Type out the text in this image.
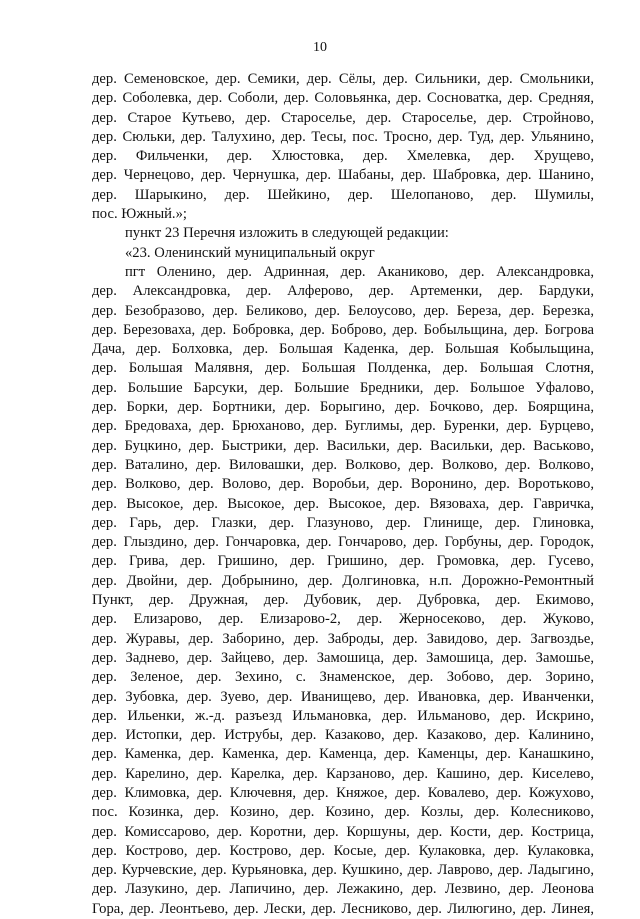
10
дер. Семеновское, дер. Семики, дер. Сёлы, дер. Сильники, дер. Смольники,
дер. Соболевка, дер. Соболи, дер. Соловьянка, дер. Сосноватка, дер. Средняя,
дер. Старое Кутьево, дер. Староселье, дер. Староселье, дер. Стройново,
дер. Сюльки, дер. Талухино, дер. Тесы, пос. Тросно, дер. Туд, дер. Ульянино,
дер. Фильченки, дер. Хлюстовка, дер. Хмелевка, дер. Хрущево,
дер. Чернецово, дер. Чернушка, дер. Шабаны, дер. Шабровка, дер. Шанино,
дер. Шарыкино, дер. Шейкино, дер. Шелопаново, дер. Шумилы,
пос. Южный.»;
пункт 23 Перечня изложить в следующей редакции:
«23. Оленинский муниципальный округ
пгт Оленино, дер. Адринная, дер. Аканиково, дер. Александровка,
дер. Александровка, дер. Алферово, дер. Артеменки, дер. Бардуки,
дер. Безобразово, дер. Беликово, дер. Белоусово, дер. Береза, дер. Березка,
дер. Березоваха, дер. Бобровка, дер. Боброво, дер. Бобыльщина, дер. Богрова
Дача, дер. Болховка, дер. Большая Каденка, дер. Большая Кобыльщина,
дер. Большая Малявня, дер. Большая Полденка, дер. Большая Слотня,
дер. Большие Барсуки, дер. Большие Бредники, дер. Большое Уфалово,
дер. Борки, дер. Бортники, дер. Борыгино, дер. Бочково, дер. Боярщина,
дер. Бредоваха, дер. Брюханово, дер. Буглимы, дер. Буренки, дер. Бурцево,
дер. Буцкино, дер. Быстрики, дер. Васильки, дер. Васильки, дер. Васьково,
дер. Ваталино, дер. Виловашки, дер. Волково, дер. Волково, дер. Волково,
дер. Волково, дер. Волово, дер. Воробьи, дер. Воронино, дер. Воротьково,
дер. Высокое, дер. Высокое, дер. Высокое, дер. Вязоваха, дер. Гавричка,
дер. Гарь, дер. Глазки, дер. Глазуново, дер. Глинище, дер. Глиновка,
дер. Глыздино, дер. Гончаровка, дер. Гончарово, дер. Горбуны, дер. Городок,
дер. Грива, дер. Гришино, дер. Гришино, дер. Громовка, дер. Гусево,
дер. Двойни, дер. Добрынино, дер. Долгиновка, н.п. Дорожно-Ремонтный
Пункт, дер. Дружная, дер. Дубовик, дер. Дубровка, дер. Екимово,
дер. Елизарово, дер. Елизарово-2, дер. Жерносеково, дер. Жуково,
дер. Журавы, дер. Заборино, дер. Заброды, дер. Завидово, дер. Загвоздье,
дер. Заднево, дер. Зайцево, дер. Замошица, дер. Замошица, дер. Замошье,
дер. Зеленое, дер. Зехино, с. Знаменское, дер. Зобово, дер. Зорино,
дер. Зубовка, дер. Зуево, дер. Иванищево, дер. Ивановка, дер. Иванченки,
дер. Ильенки, ж.-д. разъезд Ильмановка, дер. Ильманово, дер. Искрино,
дер. Истопки, дер. Иструбы, дер. Казаково, дер. Казаково, дер. Калинино,
дер. Каменка, дер. Каменка, дер. Каменца, дер. Каменцы, дер. Канашкино,
дер. Карелино, дер. Карелка, дер. Карзаново, дер. Кашино, дер. Киселево,
дер. Климовка, дер. Ключевня, дер. Княжое, дер. Ковалево, дер. Кожухово,
пос. Козинка, дер. Козино, дер. Козино, дер. Козлы, дер. Колесниково,
дер. Комиссарово, дер. Коротни, дер. Коршуны, дер. Кости, дер. Кострица,
дер. Кострово, дер. Кострово, дер. Косые, дер. Кулаковка, дер. Кулаковка,
дер. Курчевские, дер. Курьяновка, дер. Кушкино, дер. Лаврово, дер. Ладыгино,
дер. Лазукино, дер. Лапичино, дер. Лежакино, дер. Лезвино, дер. Леонова
Гора, дер. Леонтьево, дер. Лески, дер. Лесниково, дер. Лилюгино, дер. Линея,
